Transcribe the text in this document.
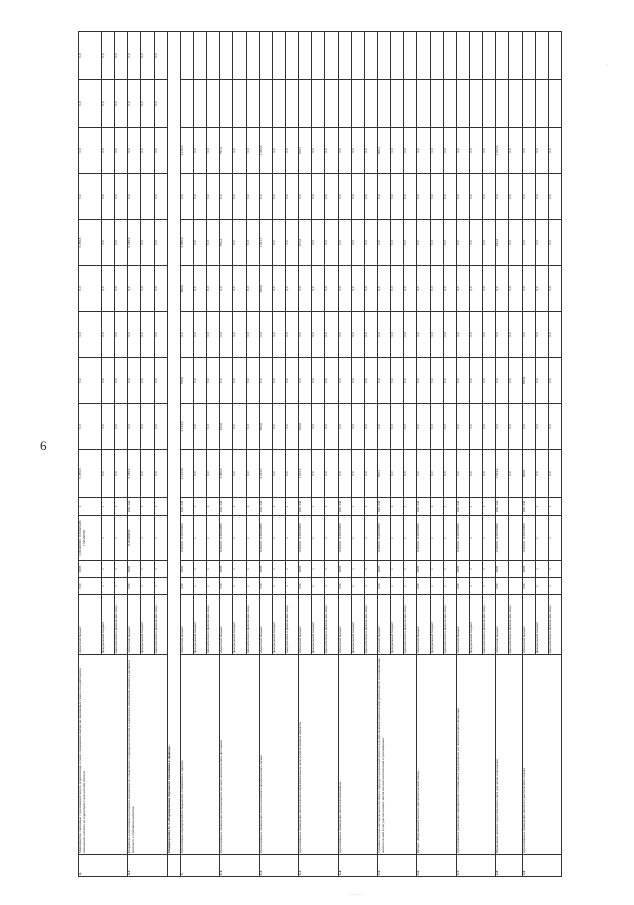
6
4.	Мероприятия, связанные с реализацией мер по ограничению и (или) сокращению выбросов парниковых газов и по адаптации к изменению климата на территории Сахалинской области	областной бюджет	030	0605	11304R0000, 11304R1400, 11304S0000	х	6 259,6	0,0	0,0	0,0	0,0	6 259,6	0,0	0,0	0,0	0,0
		федеральный бюджет	х	х	х	х	0,0	0,0	0,0	0,0	0,0	0,0	0,0	0,0	0,0	0,0
		юридические и физические лица	х	х	х	х	0,0	0,0	0,0	0,0	0,0	0,0	0,0	0,0	0,0	0,0
4.1.	Разработка и реализация программ и концепции по управлению углеродным балансом и адаптации к изменению климата в регионе в контексте устойчивого развития	областной бюджет	030	0605	11304R0000	240, 244	6 259,6	0,0	0,0	0,0	0,0	6 259,6	0,0	0,0	0,0	0,0
		федеральный бюджет	х	х	х	х	0,0	0,0	0,0	0,0	0,0	0,0		0,0	0,0	0,0
		юридические и физические лица	х	х	х	х	0,0	0,0	0,0	0,0	0,0	0,0	0,0	0,0	0,0	0,0
	Подпрограмма № 4 «Формирование бережного отношения к природе»															
1.	Организация мероприятий по бережному отношению к природе	областной бюджет	030	0605	1140100, 1140100990	240, 244	11 013,0	2 134,0	788,9	0,0	980,0	2 989,8	0,0	4 120,3		
		федеральный бюджет	х	х	х	х	0,0	0,0	0,0	0,0	0,0	0,0	0,0	0,0		
		юридические и физические лица	х	х	х	х	0,0	0,0	0,0	0,0	0,0	0,0	0,0	0,0		
1.1.	Организация и проведение регионального детского экологического фестиваля	областной бюджет	030	0605	1140100, 1140100990	240, 244	2 066,6	625,0	0,0	0,0	0,0	650,4	0,0	791,2		
		федеральный бюджет	х	х	х	х	0,0	0,0	0,0	0,0	0,0	0,0	0,0	0,0		
		юридические и физические лица	х	х	х	х	0,0	0,0	0,0	0,0	0,0	0,0	0,0	0,0		
1.2.	Организация и проведение летнего полевого экологического лагеря	областной бюджет	030	0605	1140100, 1140100990	240, 244	4 224,3	980,0	0,0	0,0	980,0	1 021,7	0,0	1 242,6		
		федеральный бюджет	х	х	х	х	0,0	0,0	0,0	0,0	0,0	0,0	0,0	0,0		
		юридические и физические лица	х	х	х	х	0,0	0,0	0,0	0,0	0,0	0,0	0,0	0,0		
1.3.	Организация и проведение экологических образовательных экскурсий на водных объектах	областной бюджет	030	0605	1140100, 1140100990	240, 244	1 912,5	529,0	0,0	0,0	0,0	675,4	0,0	708,1		
		федеральный бюджет	х	х	х	х	0,0	0,0	0,0	0,0	0,0	0,0	0,0	0,0		
		юридические и физические лица	х	х	х	х	0,0	0,0	0,0	0,0	0,0	0,0	0,0	0,0		
1.4.	Организация и проведение экологической школы	областной бюджет	030	0605	1140100, 1140100990	240, 244	0,0	0,0	0,0	0,0	0,0	0,0	0,0	0,0		
		федеральный бюджет	х	х	х	х	0,0	0,0	0,0	0,0	0,0	0,0	0,0	0,0		
		юридические и физические лица	х	х	х	х	0,0	0,0	0,0	0,0	0,0	0,0	0,0	0,0		
1.5.	Создание научно-методического пособия о природе Сахалинской области для обеспечения практической деятельности по повышению экологической культуры населения, экологического воспитания и просвещения	областной бюджет	030	0605	1140100, 1140100990	240, 244	366,1	0,0	0,0	0,0	0,0	0,0	0,0	366,1		
		федеральный бюджет	х	х	х	х	0,0	0,0	0,0	0,0	0,0	0,0	0,0	0,0		
		юридические и физические лица	х	х	х	х	0,0	0,0	0,0	0,0	0,0	0,0	0,0	0,0		
1.6.	Проект «Передвижной эколого-просветительский поезд»	областной бюджет	030	0605	1140100, 1140100990	240, 244	0,0	0,0	0,0	0,0	0,0	0,0	0,0	0,0		
		федеральный бюджет	х	х	х	х	0,0	0,0	0,0	0,0	0,0	0,0	0,0	0,0		
		юридические и физические лица	х	х	х	х	0,0	0,0	0,0	0,0	0,0	0,0	0,0	0,0		
1.7.	Организация и проведение мероприятий, посвященных праздничным дат экологического календаря	областной бюджет	030	0605	1140100, 1140100990	240, 244	0,0	0,0	0,0	0,0	0,0	0,0	0,0	0,0		
		федеральный бюджет	х	х	х	х	0,0	0,0	0,0	0,0	0,0	0,0	0,0	0,0		
		юридические и физические лица	х	х	х	х	0,0	0,0	0,0	0,0	0,0	0,0	0,0	0,0		
1.8.	Проведение эколого-туристического слета для детей и молодежи	областной бюджет	030	0605	1140100, 1140100990	240, 244	1 654,6	0,0	0,0	0,0	0,0	642,3	0,0	1 012,3		
		юридические и физические лица					0,0	0,0	0,0	0,0	0,0	0,0	0,0	0,0		
1.9.	Организация и проведение эколого-туристического похода	областной бюджет	030	0605	1140100, 1140100990	240, 244	599,9	0,0	599,9	0,0	0,0	0,0	0,0	0,0		
		федеральный бюджет	х	х	х	х	0,0	0,0	0,0	0,0	0,0	0,0	0,0	0,0		
		юридические и физические лица	х	х	х	х	0,0	0,0	0,0	0,0	0,0	0,0	0,0	0,0		
· · · · ·
·
